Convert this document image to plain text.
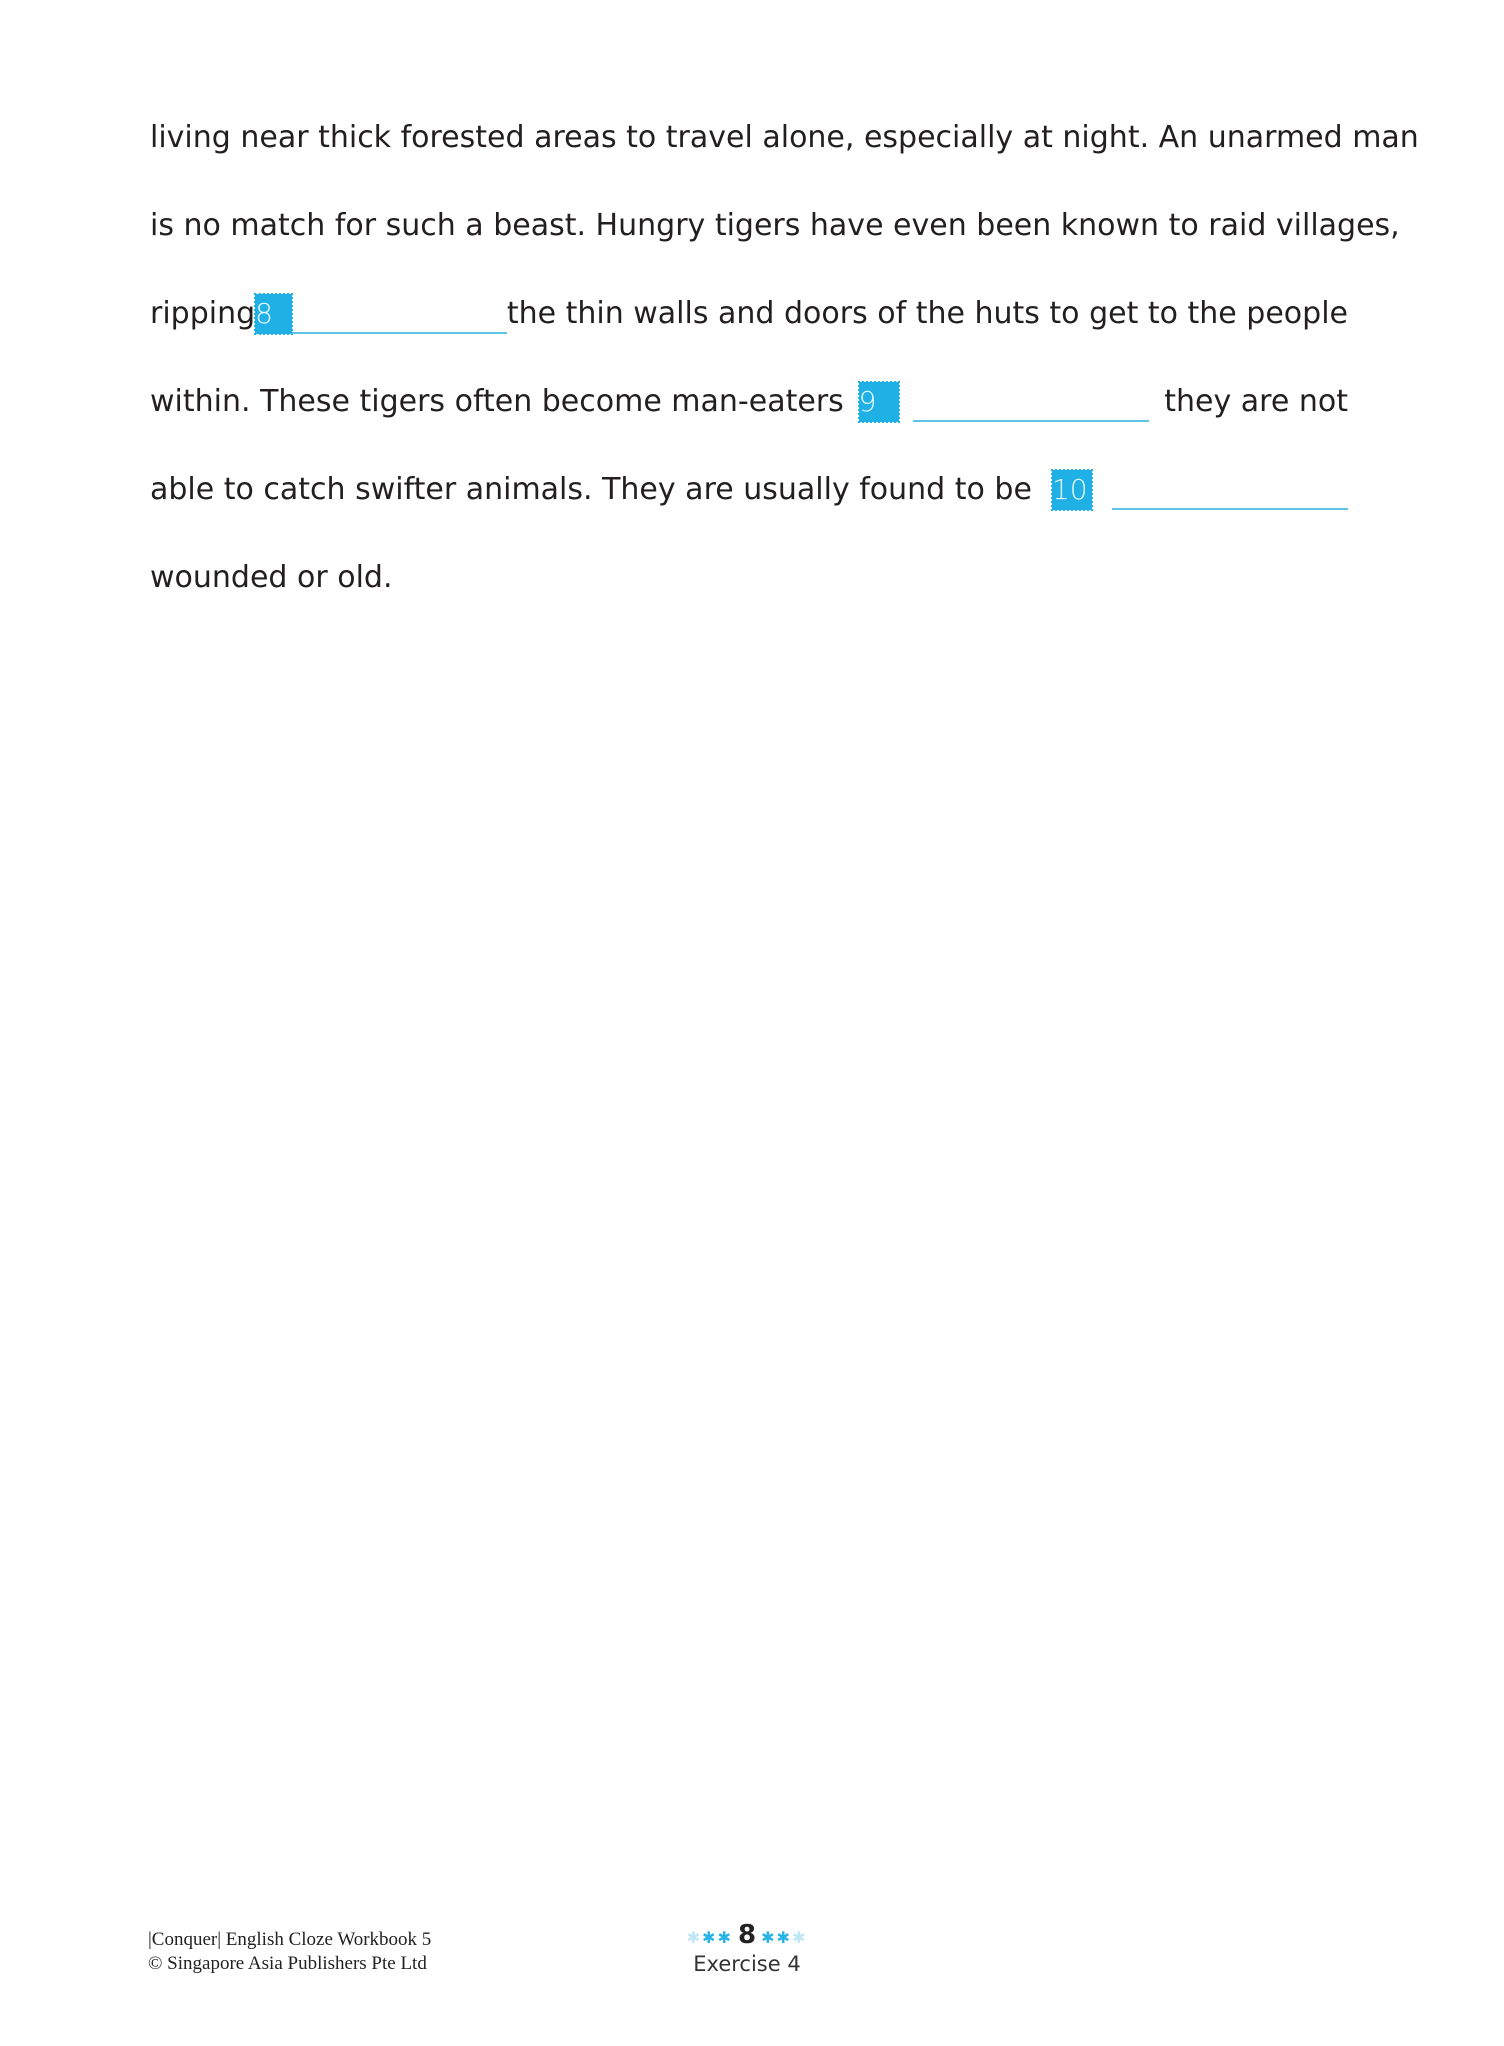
living near thick forested areas to travel alone, especially at night. An unarmed man
is no match for such a beast. Hungry tigers have even been known to raid villages,
ripping 8	the thin walls and doors of the huts to get to the people
within. These tigers often become man-eaters 9	they are not
able to catch swifter animals. They are usually found to be 10
wounded or old.
|Conquer| English Cloze Workbook 5
© Singapore Asia Publishers Pte Ltd
✱✱✱ 8 ✱✱✱
Exercise 4
